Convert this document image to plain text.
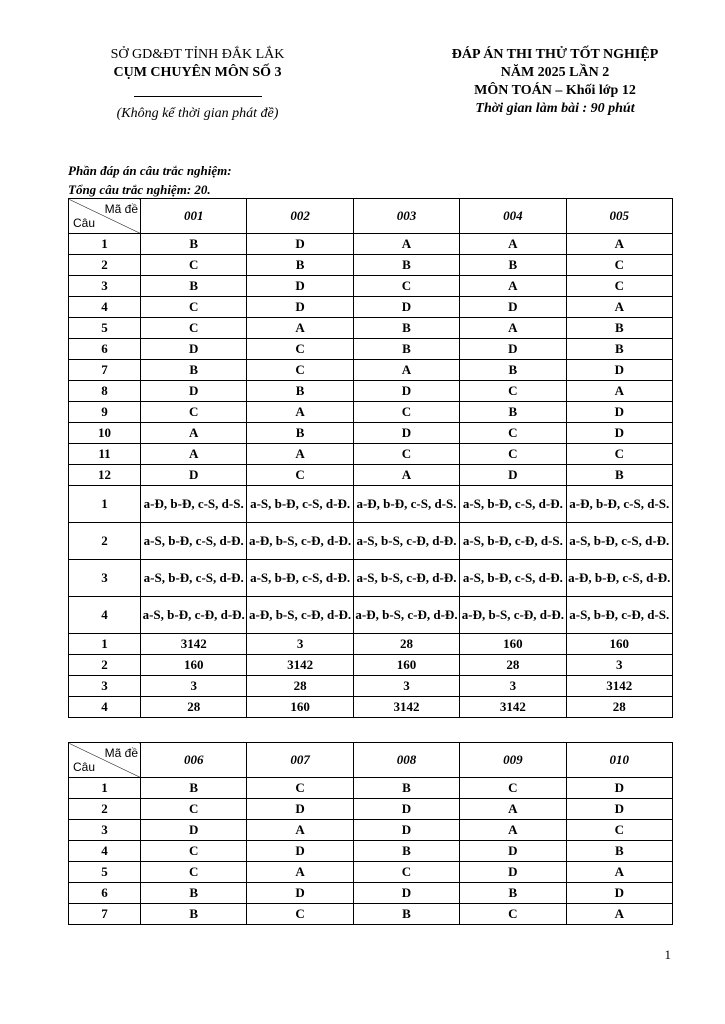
SỞ GD&ĐT TỈNH ĐẮK LẮK
CỤM CHUYÊN MÔN SỐ 3
(Không kể thời gian phát đề)
ĐÁP ÁN THI THỬ TỐT NGHIỆP
NĂM 2025 LẦN 2
MÔN TOÁN – Khối lớp 12
Thời gian làm bài : 90 phút
Phần đáp án câu trắc nghiệm:
Tổng câu trắc nghiệm: 20.
Mã đề
Câu	001	002	003	004	005
1	B	D	A	A	A
2	C	B	B	B	C
3	B	D	C	A	C
4	C	D	D	D	A
5	C	A	B	A	B
6	D	C	B	D	B
7	B	C	A	B	D
8	D	B	D	C	A
9	C	A	C	B	D
10	A	B	D	C	D
11	A	A	C	C	C
12	D	C	A	D	B
1	a-Đ, b-Đ, c-S, d-S.	a-S, b-Đ, c-S, d-Đ.	a-Đ, b-Đ, c-S, d-S.	a-S, b-Đ, c-S, d-Đ.	a-Đ, b-Đ, c-S, d-S.
2	a-S, b-Đ, c-S, d-Đ.	a-Đ, b-S, c-Đ, d-Đ.	a-S, b-S, c-Đ, d-Đ.	a-S, b-Đ, c-Đ, d-S.	a-S, b-Đ, c-S, d-Đ.
3	a-S, b-Đ, c-S, d-Đ.	a-S, b-Đ, c-S, d-Đ.	a-S, b-S, c-Đ, d-Đ.	a-S, b-Đ, c-S, d-Đ.	a-Đ, b-Đ, c-S, d-Đ.
4	a-S, b-Đ, c-Đ, d-Đ.	a-Đ, b-S, c-Đ, d-Đ.	a-Đ, b-S, c-Đ, d-Đ.	a-Đ, b-S, c-Đ, d-Đ.	a-S, b-Đ, c-Đ, d-S.
1	3142	3	28	160	160
2	160	3142	160	28	3
3	3	28	3	3	3142
4	28	160	3142	3142	28
Mã đề
Câu	006	007	008	009	010
1	B	C	B	C	D
2	C	D	D	A	D
3	D	A	D	A	C
4	C	D	B	D	B
5	C	A	C	D	A
6	B	D	D	B	D
7	B	C	B	C	A
1
